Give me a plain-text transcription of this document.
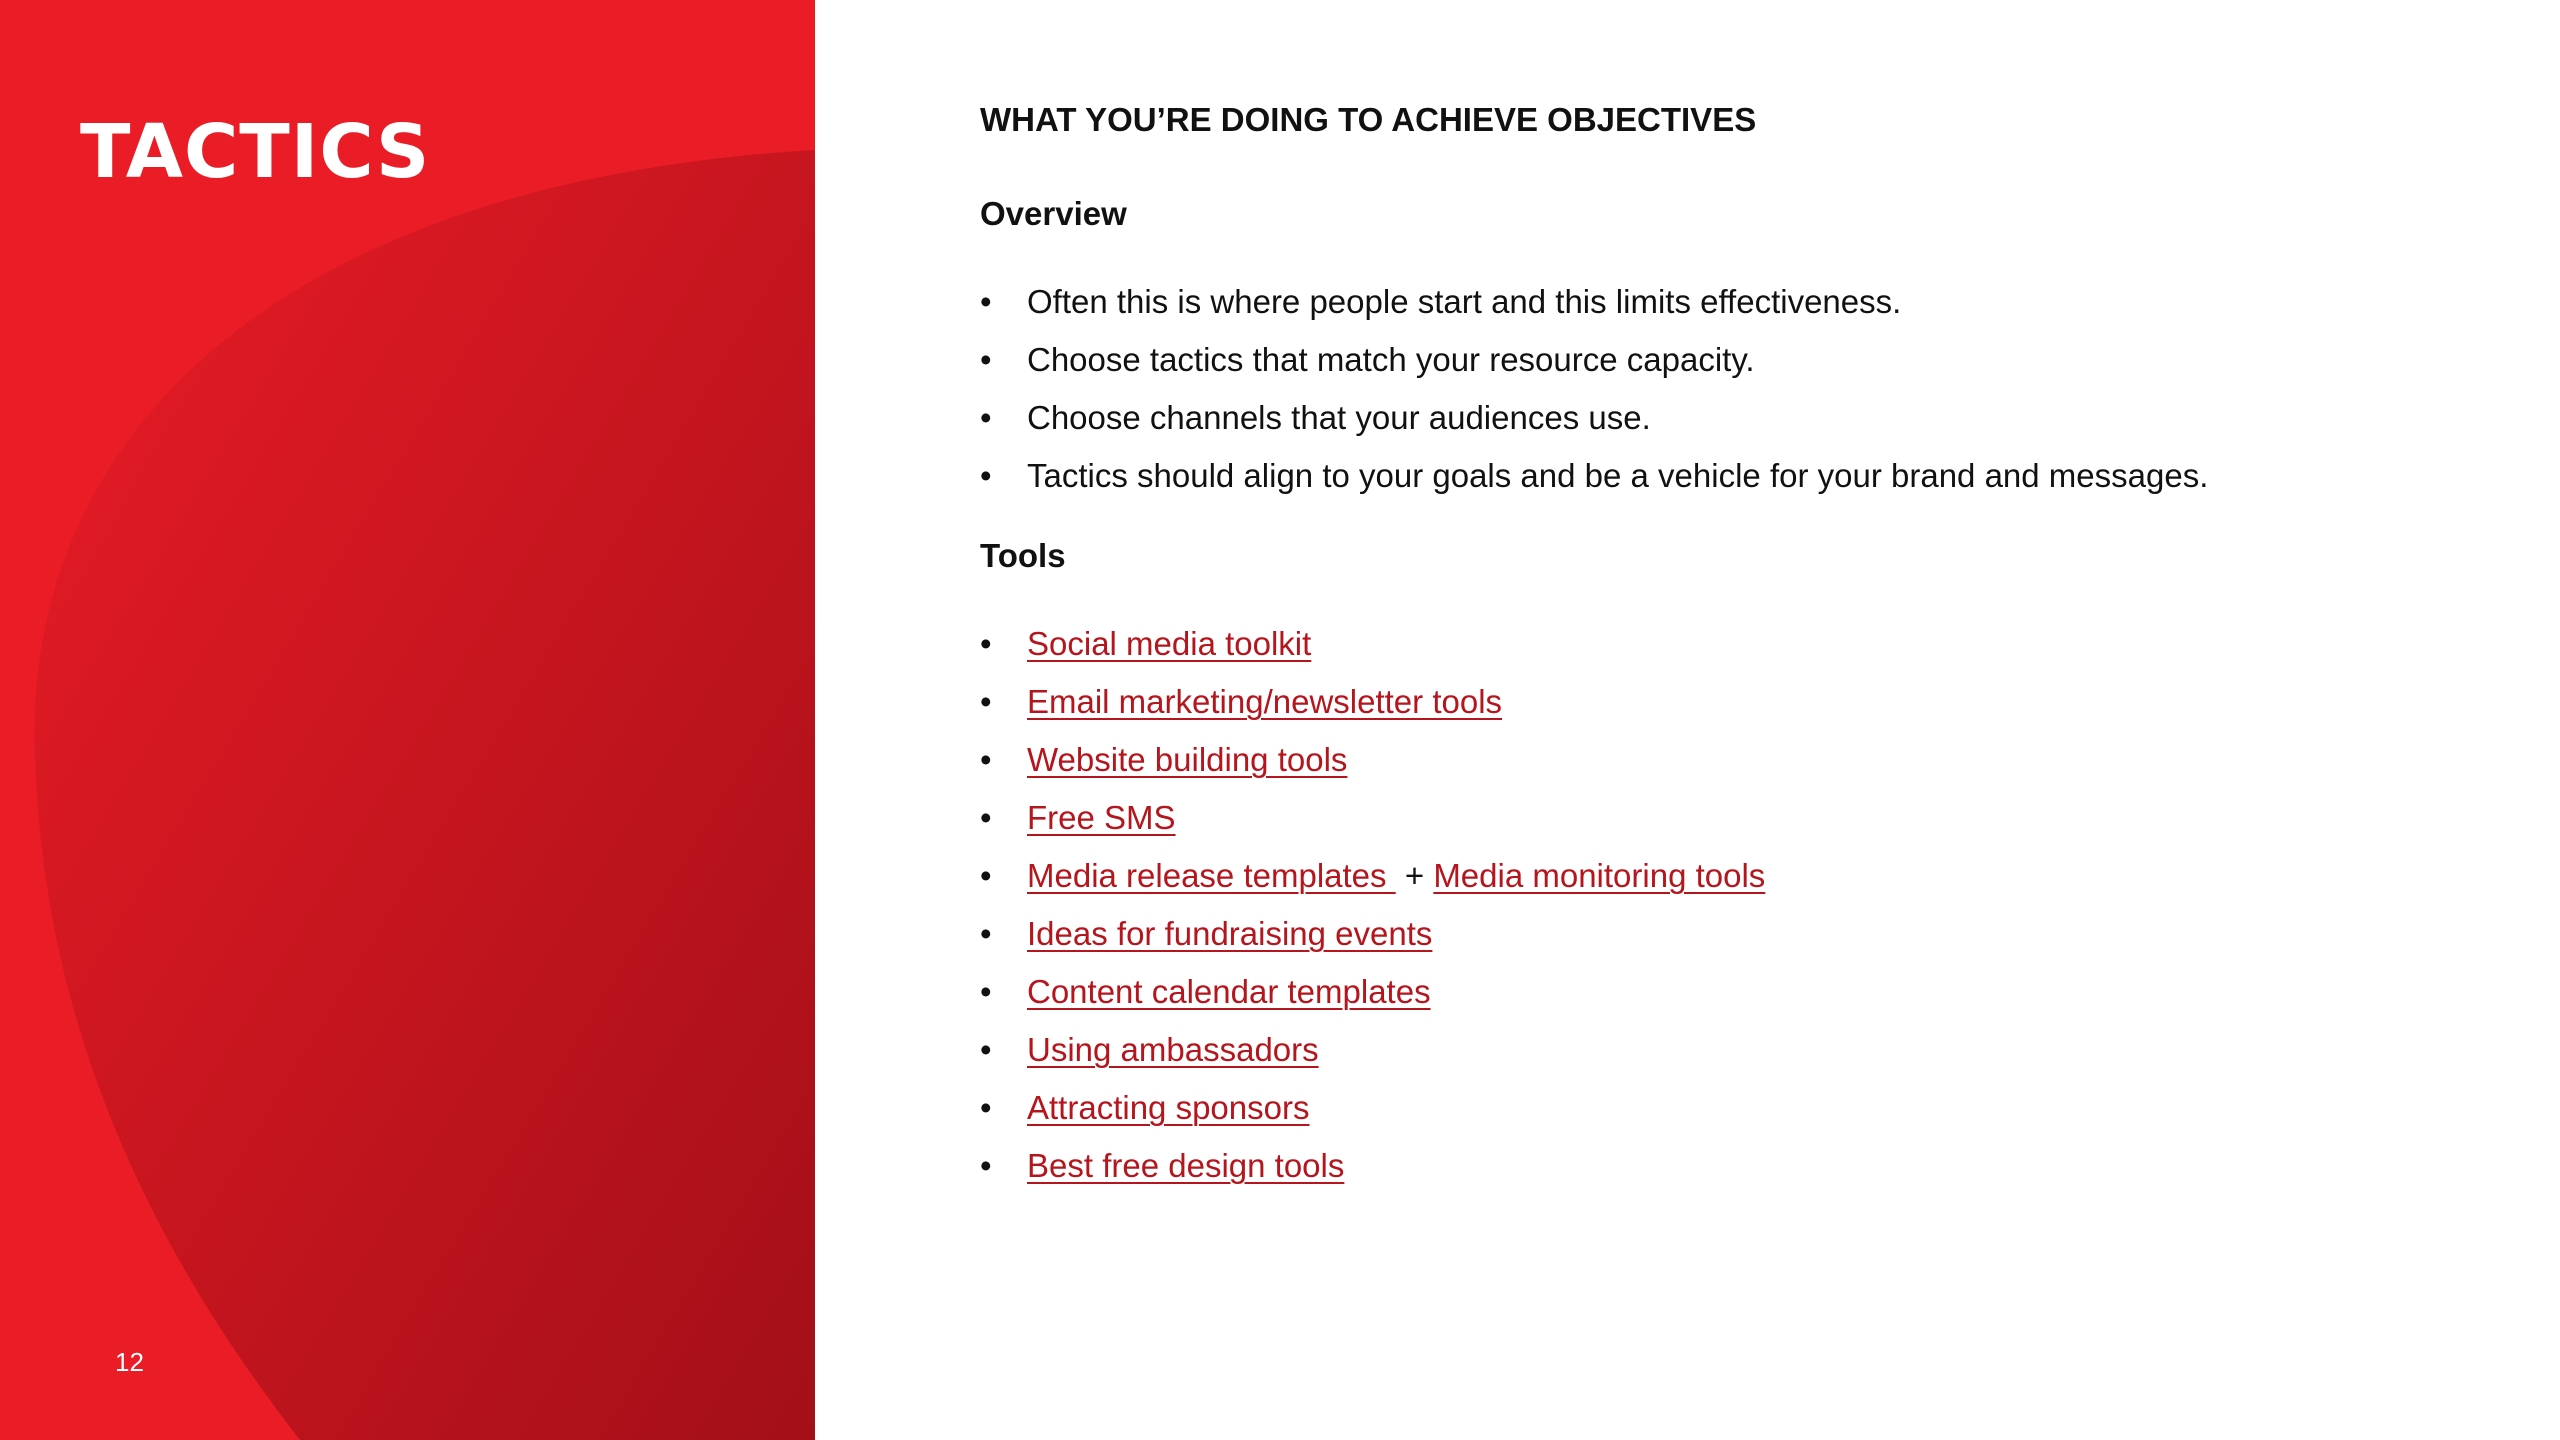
TACTICS
12
WHAT YOU’RE DOING TO ACHIEVE OBJECTIVES
Overview
• Often this is where people start and this limits effectiveness.
• Choose tactics that match your resource capacity.
• Choose channels that your audiences use.
• Tactics should align to your goals and be a vehicle for your brand and messages.
Tools
• Social media toolkit
• Email marketing/newsletter tools
• Website building tools
• Free SMS
• Media release templates  + Media monitoring tools
• Ideas for fundraising events
• Content calendar templates
• Using ambassadors
• Attracting sponsors
• Best free design tools
